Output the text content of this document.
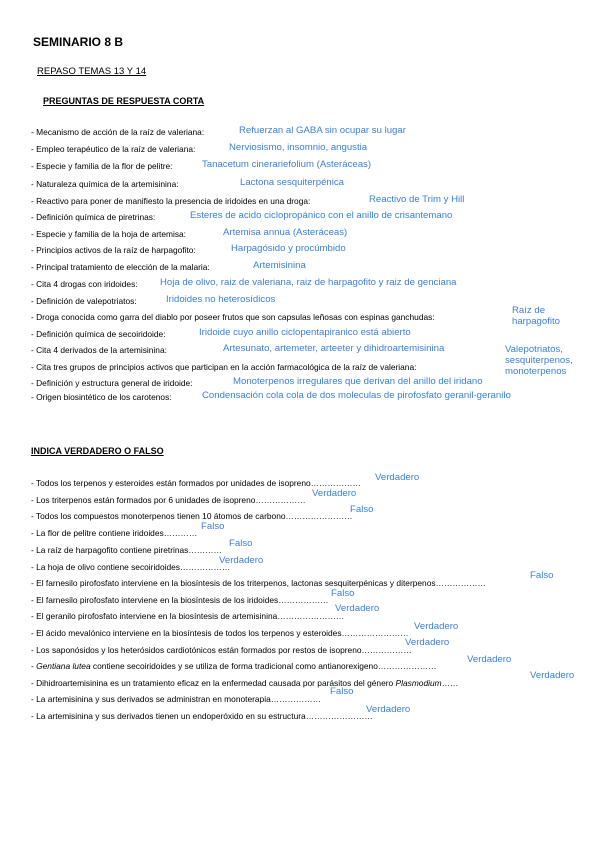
SEMINARIO 8 B
REPASO TEMAS 13 Y 14
PREGUNTAS DE RESPUESTA CORTA
- Mecanismo de acción de la raíz de valeriana:	Refuerzan al GABA sin ocupar su lugar
- Empleo terapéutico de la raíz de valeriana:	Nerviosismo, insomnio, angustia
- Especie y familia de la flor de pelitre:	Tanacetum cinerariefolium (Asteráceas)
- Naturaleza química de la artemisinina:	Lactona sesquiterpénica
- Reactivo para poner de manifiesto la presencia de iridoides en una droga:	Reactivo de Trim y Hill
- Definición química de piretrinas:	Esteres de acido ciclopropánico con el anillo de crisantemano
- Especie y familia de la hoja de artemisa:	Artemisa annua (Asteráceas)
- Principios activos de la raíz de harpagofito:	Harpagósido y procúmbido
- Principal tratamiento de elección de la malaria:	Artemisinina
- Cita 4 drogas con iridoides: Hoja de olivo, raiz de valeriana, raiz de harpagofito y raiz de genciana
- Definición de valepotriatos:	Iridoides no heterosídicos
- Droga conocida como garra del diablo por poseer frutos que son capsulas leñosas con espinas ganchudas:
Raíz de harpagofito
- Definición química de secoiridoide:	Iridoide cuyo anillo ciclopentapiranico está abierto
- Cita 4 derivados de la artemisinina:	Artesunato, artemeter, arteeter y dihidroartemisinina
- Cita tres grupos de principios activos que participan en la acción farmacológica de la raíz de valeriana:
Valepotriatos, sesquiterpenos, monoterpenos
- Definición y estructura general de iridoide:	Monoterpenos irregulares que derivan del anillo del iridano
- Origen biosintético de los carotenos:	Condensación cola cola de dos moleculas de pirofosfato geranil-geranilo
INDICA VERDADERO O FALSO
- Todos los terpenos y esteroides están formados por unidades de isopreno……………… Verdadero
- Los triterpenos están formados por 6 unidades de isopreno………………
Verdadero
- Todos los compuestos monoterpenos tienen 10 átomos de carbono……………………
Falso
- La flor de pelitre contiene iridoides…………
Falso
- La raíz de harpagofito contiene piretrinas…………
Falso
- La hoja de olivo contiene secoiridoides………………
Verdadero
- El farnesilo pirofosfato interviene en la biosíntesis de los triterpenos, lactonas sesquiterpénicas y diterpenos………………
Falso
- El farnesilo pirofosfato interviene en la biosíntesis de los iridoides………………
Falso
- El geranilo pirofosfato interviene en la biosíntesis de artemisinina……………………
Verdadero
- El ácido mevalónico interviene en la biosíntesis de todos los terpenos y esteroides……………………
Verdadero
- Los saponósidos y los heterósidos cardiotónicos están formados por restos de isopreno………………
Verdadero
- Gentiana lutea contiene secoiridoides y se utiliza de forma tradicional como antianorexigeno…………………
Verdadero
- Dihidroartemisinina es un tratamiento eficaz en la enfermedad causada por parásitos del género Plasmodium……
Verdadero
- La artemisinina y sus derivados se administran en monoterapia………………
Falso
- La artemisinina y sus derivados tienen un endoperóxido en su estructura……………………
Verdadero
